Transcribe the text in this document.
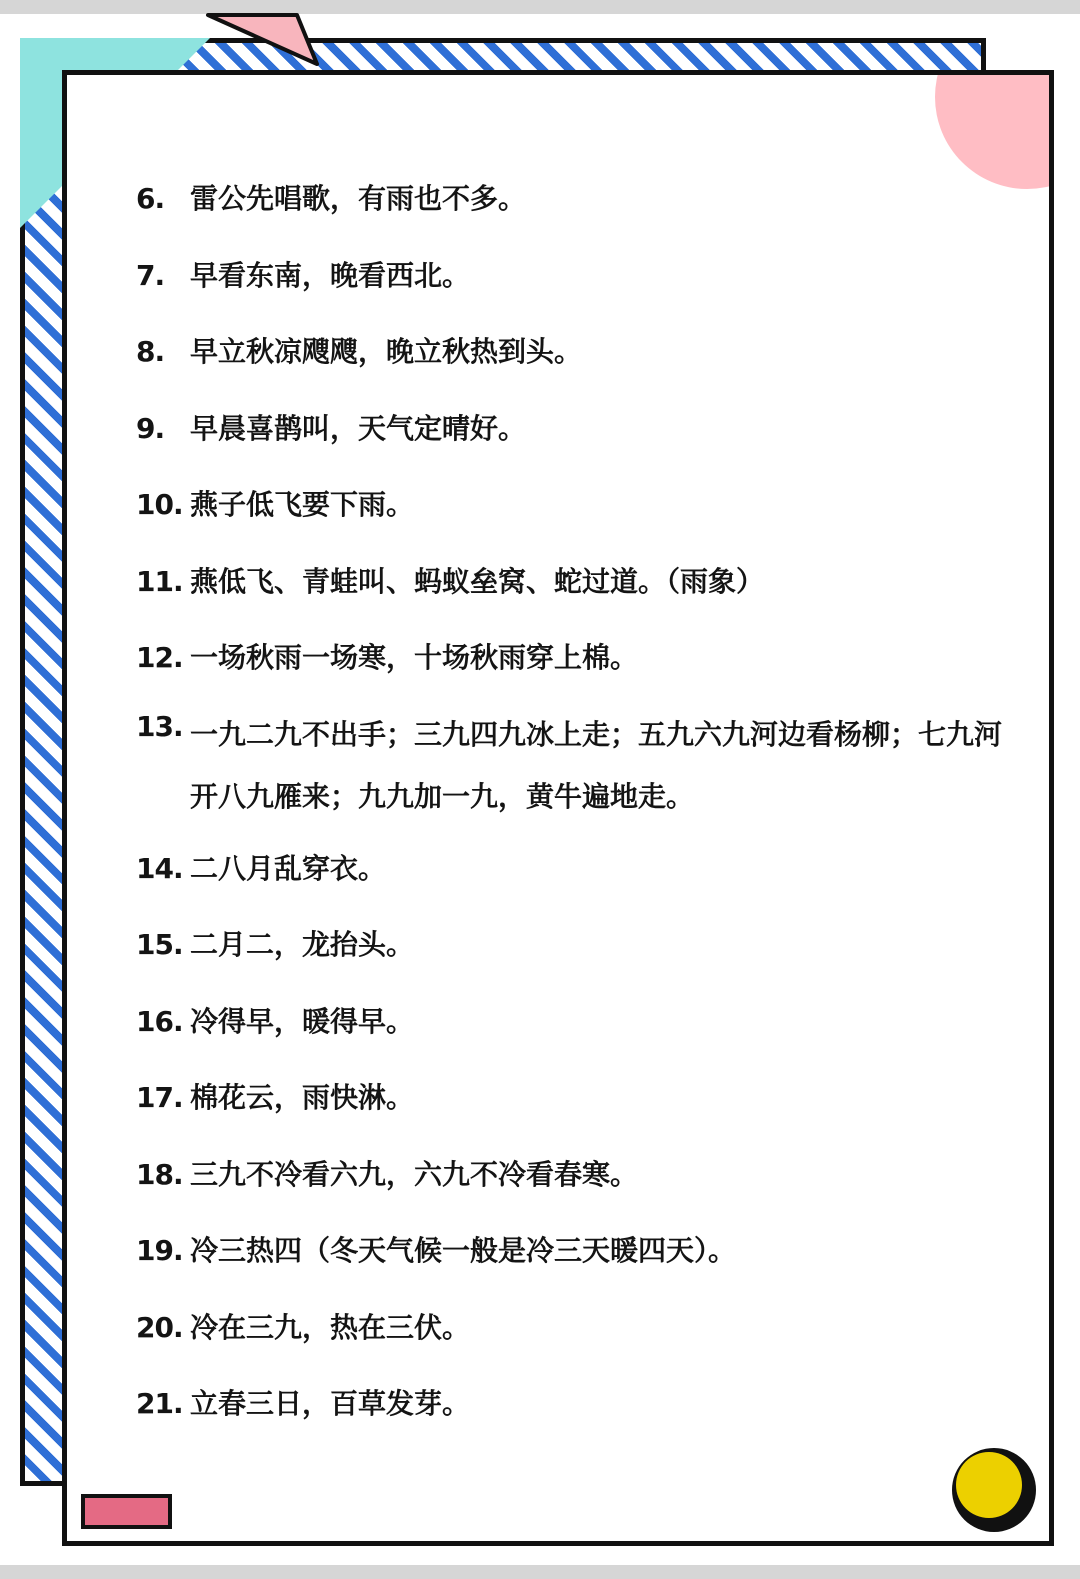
6. 雷公先唱歌，有雨也不多。
7. 早看东南，晚看西北。
8. 早立秋凉飕飕，晚立秋热到头。
9. 早晨喜鹊叫，天气定晴好。
10. 燕子低飞要下雨。
11. 燕低飞、青蛙叫、蚂蚁垒窝、蛇过道。（雨象）
12. 一场秋雨一场寒，十场秋雨穿上棉。
13. 一九二九不出手；三九四九冰上走；五九六九河边看杨柳；七九河开八九雁来；九九加一九，黄牛遍地走。
14. 二八月乱穿衣。
15. 二月二，龙抬头。
16. 冷得早，暖得早。
17. 棉花云，雨快淋。
18. 三九不冷看六九，六九不冷看春寒。
19. 冷三热四（冬天气候一般是冷三天暖四天）。
20. 冷在三九，热在三伏。
21. 立春三日，百草发芽。
